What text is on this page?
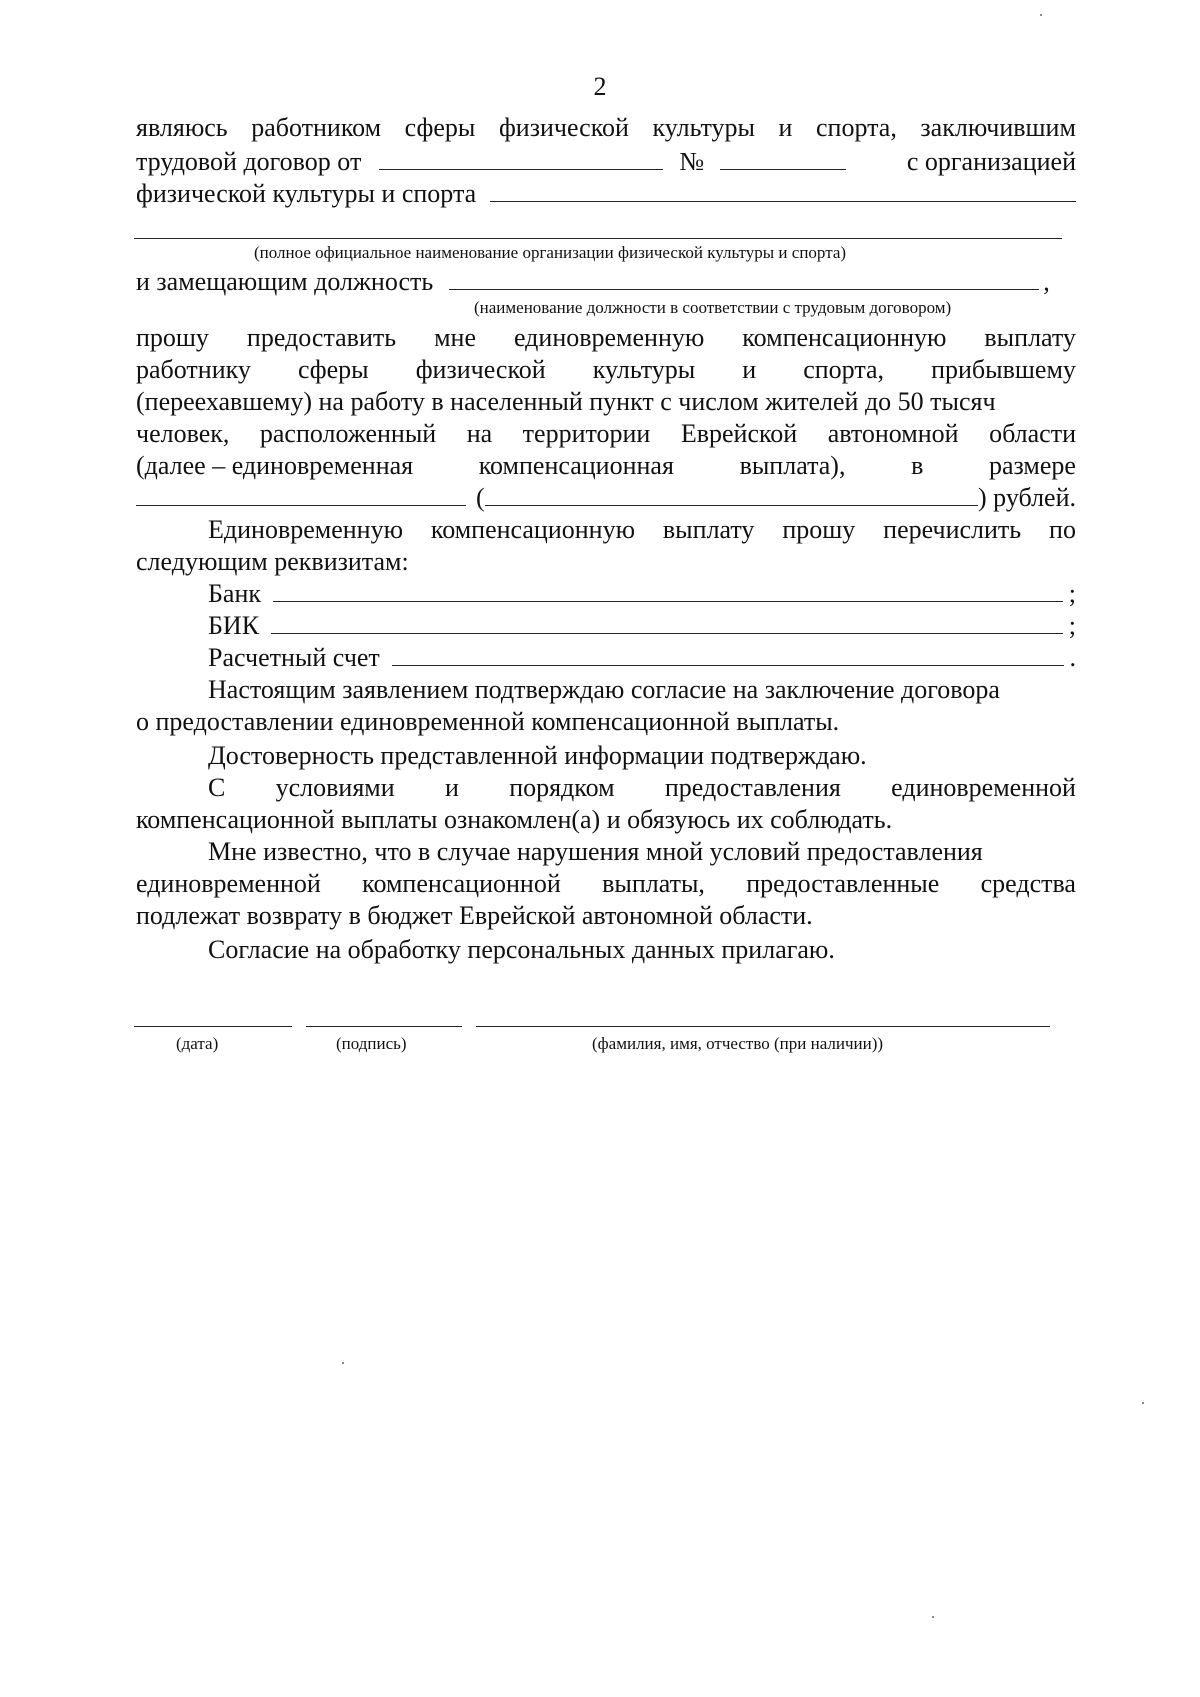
2
являюсь работником сферы физической культуры и спорта, заключившим
трудовой договор от	№	с организацией
физической культуры и спорта
(полное официальное наименование организации физической культуры и спорта)
и замещающим должность	,
(наименование должности в соответствии с трудовым договором)
прошу предоставить мне единовременную компенсационную выплату
работнику сферы физической культуры и спорта, прибывшему
(переехавшему) на работу в населенный пункт с числом жителей до 50 тысяч
человек, расположенный на территории Еврейской автономной области
(далее – единовременная	компенсационная	выплата),	в	размере
(	) рублей.
Единовременную компенсационную выплату прошу перечислить по
следующим реквизитам:
Банк	;
БИК	;
Расчетный счет	.
Настоящим заявлением подтверждаю согласие на заключение договора
о предоставлении единовременной компенсационной выплаты.
Достоверность представленной информации подтверждаю.
С условиями и порядком предоставления единовременной
компенсационной выплаты ознакомлен(а) и обязуюсь их соблюдать.
Мне известно, что в случае нарушения мной условий предоставления
единовременной компенсационной выплаты, предоставленные средства
подлежат возврату в бюджет Еврейской автономной области.
Согласие на обработку персональных данных прилагаю.
(дата)	(подпись)	(фамилия, имя, отчество (при наличии))
